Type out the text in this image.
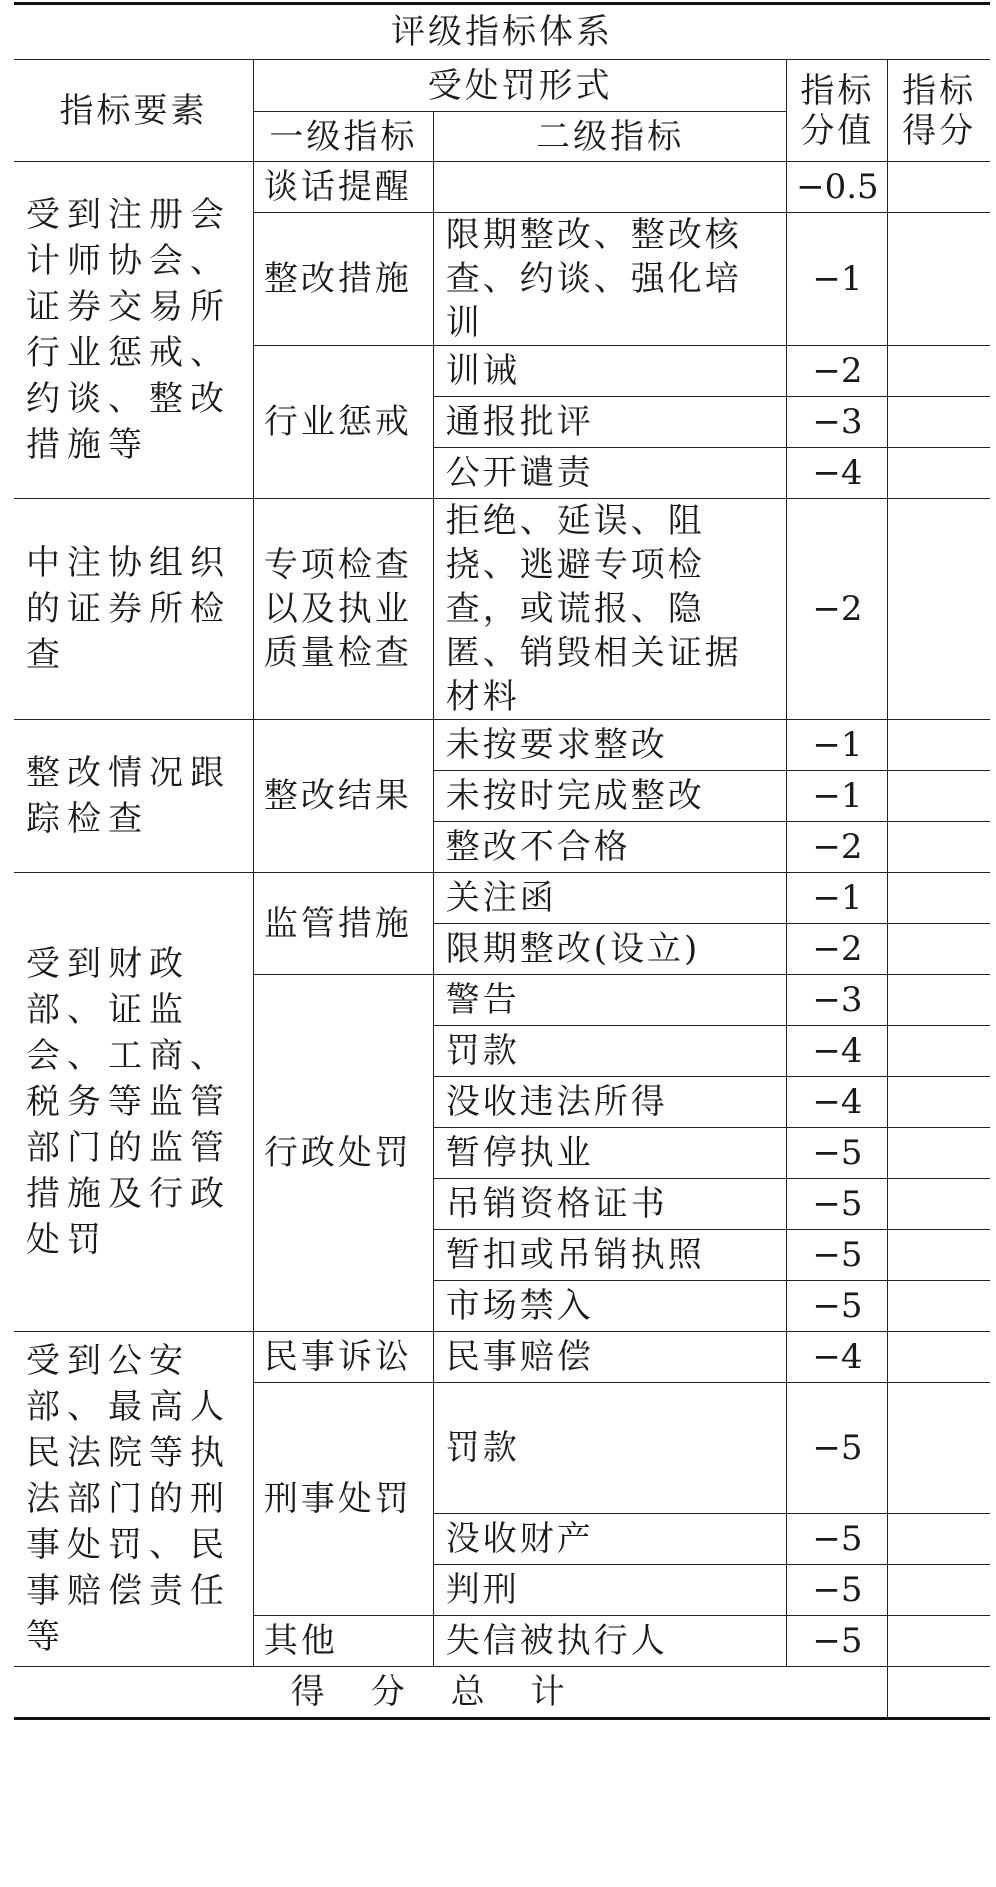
评级指标体系				
指标要素	受处罚形式		指标分值	指标得分
	一级指标	二级指标		
受到注册会计师协会、证券交易所行业惩戒、约谈、整改措施等	谈话提醒		−0.5	
	整改措施	限期整改、整改核查、约谈、强化培训	−1	
	行业惩戒	训诫	−2	
		通报批评	−3	
		公开谴责	−4	
中注协组织的证券所检查	专项检查以及执业质量检查	拒绝、延误、阻挠、逃避专项检查，或谎报、隐匿、销毁相关证据材料	−2	
整改情况跟踪检查	整改结果	未按要求整改	−1	
		未按时完成整改	−1	
		整改不合格	−2	
受到财政部、证监会、工商、税务等监管部门的监管措施及行政处罚	监管措施	关注函	−1	
		限期整改(设立)	−2	
	行政处罚	警告	−3	
		罚款	−4	
		没收违法所得	−4	
		暂停执业	−5	
		吊销资格证书	−5	
		暂扣或吊销执照	−5	
		市场禁入	−5	
受到公安部、最高人民法院等执法部门的刑事处罚、民事赔偿责任等	民事诉讼	民事赔偿	−4	
	刑事处罚	罚款	−5	
		没收财产	−5	
		判刑	−5	
	其他	失信被执行人	−5	
得分总计				
